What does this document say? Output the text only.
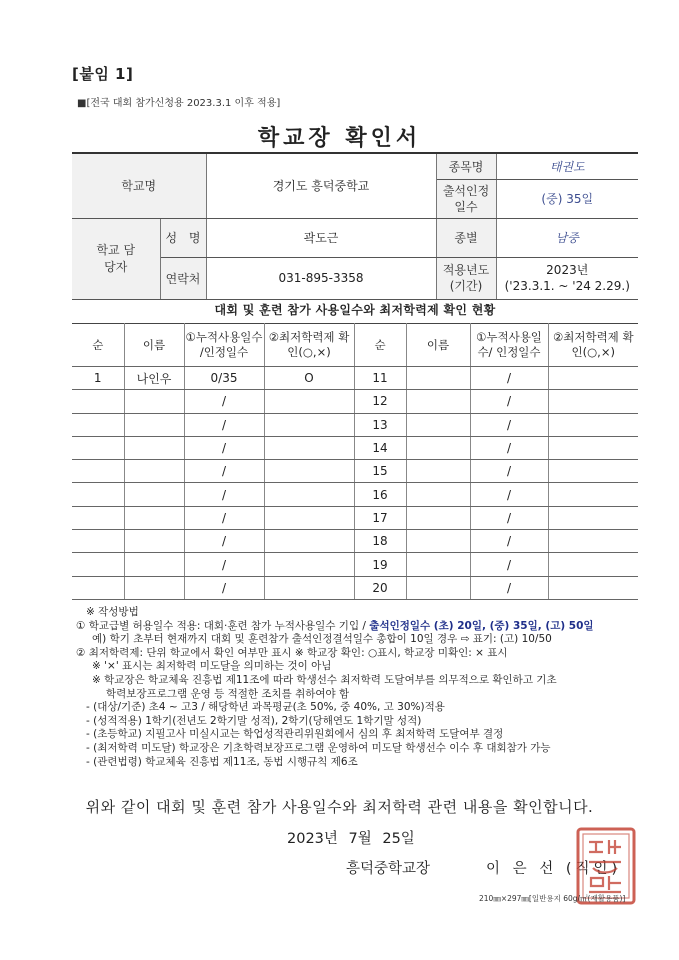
[붙임 1]
■[전국 대회 참가신청용 2023.3.1 이후 적용]
학교장 확인서
학교명		경기도 흥덕중학교	종목명	태권도
			출석인정 일수	(중) 35일
학교 담당자	성 명	곽도근	종별	남중
	연락처	031-895-3358	적용년도 (기간)	2023년
('23.3.1. ~ '24 2.29.)
대회 및 훈련 참가 사용일수와 최저학력제 확인 현황
순	이름	①누적사용일수 /인정일수	②최저학력제 확인(○,×)	순	이름	①누적사용일수/ 인정일수	②최저학력제 확인(○,×)
1	나인우	0/35	O	11		/	
		/		12		/	
		/		13		/	
		/		14		/	
		/		15		/	
		/		16		/	
		/		17		/	
		/		18		/	
		/		19		/	
		/		20		/	
※ 작성방법
① 학교급별 허용일수 적용: 대회·훈련 참가 누적사용일수 기입 / 출석인정일수 (초) 20일, (중) 35일, (고) 50일
예) 학기 초부터 현재까지 대회 및 훈련참가 출석인정결석일수 총합이 10일 경우 ⇨ 표기: (고) 10/50
② 최저학력제: 단위 학교에서 확인 여부만 표시 ※ 학교장 확인: ○표시, 학교장 미확인: × 표시
※ '×' 표시는 최저학력 미도달을 의미하는 것이 아님
※ 학교장은 학교체육 진흥법 제11조에 따라 학생선수 최저학력 도달여부를 의무적으로 확인하고 기초
학력보장프로그램 운영 등 적절한 조치를 취하여야 함
- (대상/기준) 초4 ~ 고3 / 해당학년 과목평균(초 50%, 중 40%, 고 30%)적용
- (성적적용) 1학기(전년도 2학기말 성적), 2학기(당해연도 1학기말 성적)
- (초등학교) 지필고사 미실시교는 학업성적관리위원회에서 심의 후 최저학력 도달여부 결정
- (최저학력 미도달) 학교장은 기초학력보장프로그램 운영하여 미도달 학생선수 이수 후 대회참가 가능
- (관련법령) 학교체육 진흥법 제11조, 동법 시행규칙 제6조
위와 같이 대회 및 훈련 참가 사용일수와 최저학력 관련 내용을 확인합니다.
2023년 7월 25일
흥덕중학교장	이 은 선 (직인)
210㎜×297㎜[일반용지 60g/㎡(재활용품)]
